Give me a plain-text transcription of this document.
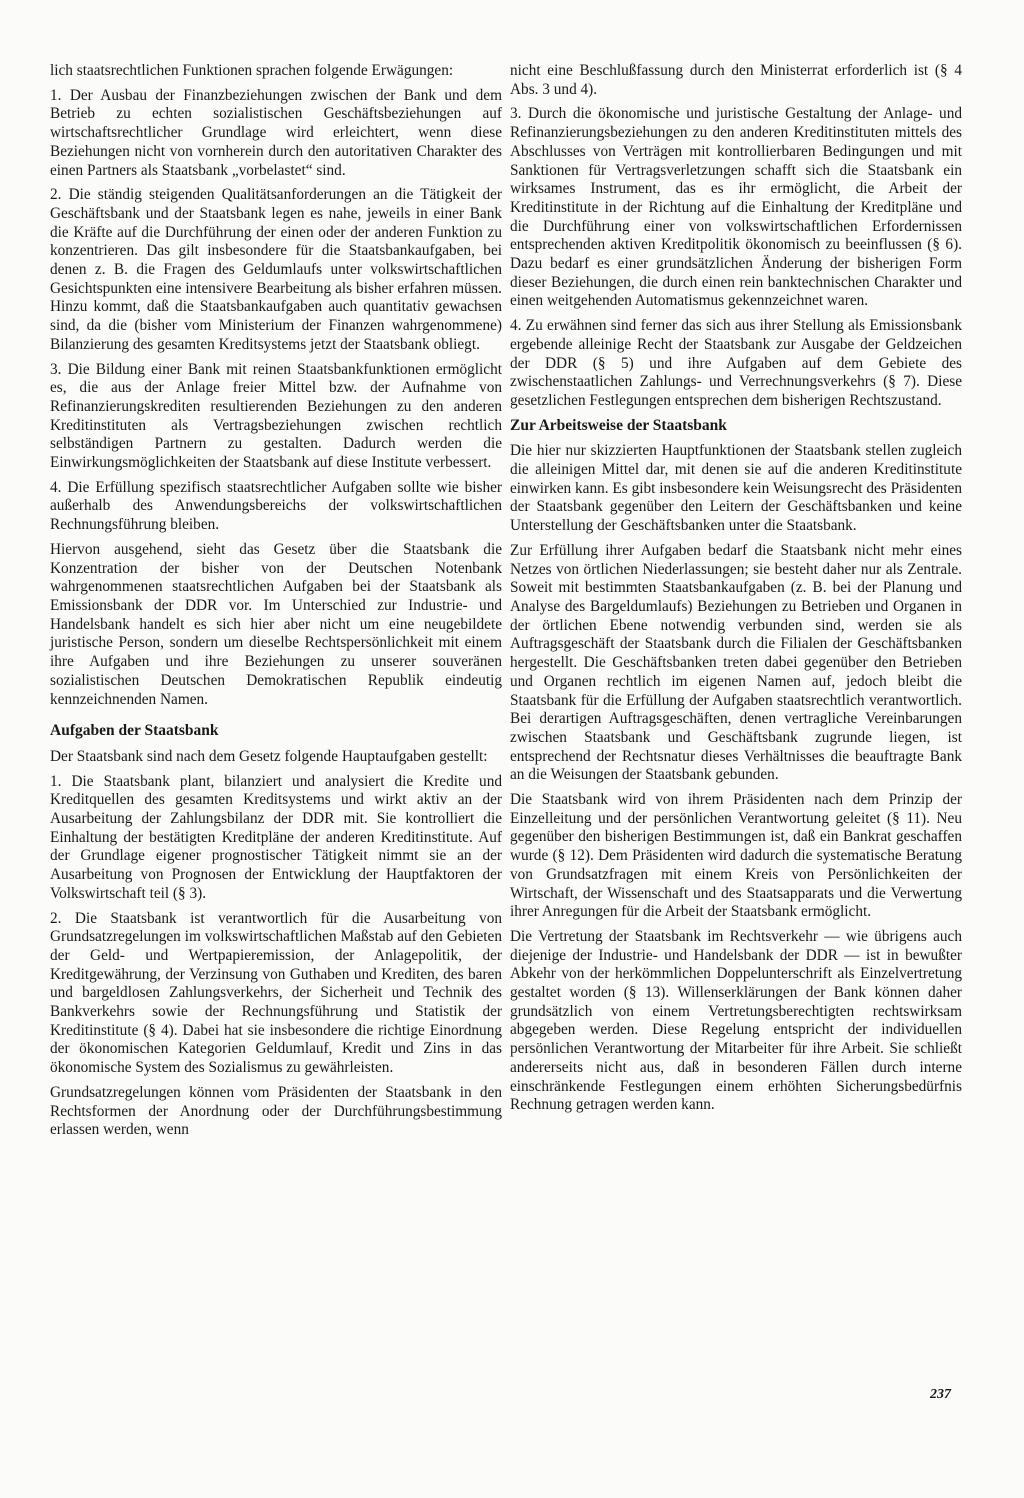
lich staatsrechtlichen Funktionen sprachen folgende Erwägungen:

1. Der Ausbau der Finanzbeziehungen zwischen der Bank und dem Betrieb zu echten sozialistischen Geschäftsbeziehungen auf wirtschaftsrechtlicher Grundlage wird erleichtert, wenn diese Beziehungen nicht von vornherein durch den autoritativen Charakter des einen Partners als Staatsbank „vorbelastet“ sind.

2. Die ständig steigenden Qualitätsanforderungen an die Tätigkeit der Geschäftsbank und der Staatsbank legen es nahe, jeweils in einer Bank die Kräfte auf die Durchführung der einen oder der anderen Funktion zu konzentrieren. Das gilt insbesondere für die Staatsbankaufgaben, bei denen z. B. die Fragen des Geldumlaufs unter volkswirtschaftlichen Gesichtspunkten eine intensivere Bearbeitung als bisher erfahren müssen. Hinzu kommt, daß die Staatsbankaufgaben auch quantitativ gewachsen sind, da die (bisher vom Ministerium der Finanzen wahrgenommene) Bilanzierung des gesamten Kreditsystems jetzt der Staatsbank obliegt.

3. Die Bildung einer Bank mit reinen Staatsbankfunktionen ermöglicht es, die aus der Anlage freier Mittel bzw. der Aufnahme von Refinanzierungskrediten resultierenden Beziehungen zu den anderen Kreditinstituten als Vertragsbeziehungen zwischen rechtlich selbständigen Partnern zu gestalten. Dadurch werden die Einwirkungsmöglichkeiten der Staatsbank auf diese Institute verbessert.

4. Die Erfüllung spezifisch staatsrechtlicher Aufgaben sollte wie bisher außerhalb des Anwendungsbereichs der volkswirtschaftlichen Rechnungsführung bleiben.

Hiervon ausgehend, sieht das Gesetz über die Staatsbank die Konzentration der bisher von der Deutschen Notenbank wahrgenommenen staatsrechtlichen Aufgaben bei der Staatsbank als Emissionsbank der DDR vor. Im Unterschied zur Industrie- und Handelsbank handelt es sich hier aber nicht um eine neugebildete juristische Person, sondern um dieselbe Rechtspersönlichkeit mit einem ihre Aufgaben und ihre Beziehungen zu unserer souveränen sozialistischen Deutschen Demokratischen Republik eindeutig kennzeichnenden Namen.

Aufgaben der Staatsbank

Der Staatsbank sind nach dem Gesetz folgende Hauptaufgaben gestellt:

1. Die Staatsbank plant, bilanziert und analysiert die Kredite und Kreditquellen des gesamten Kreditsystems und wirkt aktiv an der Ausarbeitung der Zahlungsbilanz der DDR mit. Sie kontrolliert die Einhaltung der bestätigten Kreditpläne der anderen Kreditinstitute. Auf der Grundlage eigener prognostischer Tätigkeit nimmt sie an der Ausarbeitung von Prognosen der Entwicklung der Hauptfaktoren der Volkswirtschaft teil (§ 3).

2. Die Staatsbank ist verantwortlich für die Ausarbeitung von Grundsatzregelungen im volkswirtschaftlichen Maßstab auf den Gebieten der Geld- und Wertpapieremission, der Anlagepolitik, der Kreditgewährung, der Verzinsung von Guthaben und Krediten, des baren und bargeldlosen Zahlungsverkehrs, der Sicherheit und Technik des Bankverkehrs sowie der Rechnungsführung und Statistik der Kreditinstitute (§ 4). Dabei hat sie insbesondere die richtige Einordnung der ökonomischen Kategorien Geldumlauf, Kredit und Zins in das ökonomische System des Sozialismus zu gewährleisten.

Grundsatzregelungen können vom Präsidenten der Staatsbank in den Rechtsformen der Anordnung oder der Durchführungsbestimmung erlassen werden, wenn

nicht eine Beschlußfassung durch den Ministerrat erforderlich ist (§ 4 Abs. 3 und 4).

3. Durch die ökonomische und juristische Gestaltung der Anlage- und Refinanzierungsbeziehungen zu den anderen Kreditinstituten mittels des Abschlusses von Verträgen mit kontrollierbaren Bedingungen und mit Sanktionen für Vertragsverletzungen schafft sich die Staatsbank ein wirksames Instrument, das es ihr ermöglicht, die Arbeit der Kreditinstitute in der Richtung auf die Einhaltung der Kreditpläne und die Durchführung einer von volkswirtschaftlichen Erfordernissen entsprechenden aktiven Kreditpolitik ökonomisch zu beeinflussen (§ 6). Dazu bedarf es einer grundsätzlichen Änderung der bisherigen Form dieser Beziehungen, die durch einen rein banktechnischen Charakter und einen weitgehenden Automatismus gekennzeichnet waren.

4. Zu erwähnen sind ferner das sich aus ihrer Stellung als Emissionsbank ergebende alleinige Recht der Staatsbank zur Ausgabe der Geldzeichen der DDR (§ 5) und ihre Aufgaben auf dem Gebiete des zwischenstaatlichen Zahlungs- und Verrechnungsverkehrs (§ 7). Diese gesetzlichen Festlegungen entsprechen dem bisherigen Rechtszustand.

Zur Arbeitsweise der Staatsbank

Die hier nur skizzierten Hauptfunktionen der Staatsbank stellen zugleich die alleinigen Mittel dar, mit denen sie auf die anderen Kreditinstitute einwirken kann. Es gibt insbesondere kein Weisungsrecht des Präsidenten der Staatsbank gegenüber den Leitern der Geschäftsbanken und keine Unterstellung der Geschäftsbanken unter die Staatsbank.

Zur Erfüllung ihrer Aufgaben bedarf die Staatsbank nicht mehr eines Netzes von örtlichen Niederlassungen; sie besteht daher nur als Zentrale. Soweit mit bestimmten Staatsbankaufgaben (z. B. bei der Planung und Analyse des Bargeldumlaufs) Beziehungen zu Betrieben und Organen in der örtlichen Ebene notwendig verbunden sind, werden sie als Auftragsgeschäft der Staatsbank durch die Filialen der Geschäftsbanken hergestellt. Die Geschäftsbanken treten dabei gegenüber den Betrieben und Organen rechtlich im eigenen Namen auf, jedoch bleibt die Staatsbank für die Erfüllung der Aufgaben staatsrechtlich verantwortlich. Bei derartigen Auftragsgeschäften, denen vertragliche Vereinbarungen zwischen Staatsbank und Geschäftsbank zugrunde liegen, ist entsprechend der Rechtsnatur dieses Verhältnisses die beauftragte Bank an die Weisungen der Staatsbank gebunden.

Die Staatsbank wird von ihrem Präsidenten nach dem Prinzip der Einzelleitung und der persönlichen Verantwortung geleitet (§ 11). Neu gegenüber den bisherigen Bestimmungen ist, daß ein Bankrat geschaffen wurde (§ 12). Dem Präsidenten wird dadurch die systematische Beratung von Grundsatzfragen mit einem Kreis von Persönlichkeiten der Wirtschaft, der Wissenschaft und des Staatsapparats und die Verwertung ihrer Anregungen für die Arbeit der Staatsbank ermöglicht.

Die Vertretung der Staatsbank im Rechtsverkehr — wie übrigens auch diejenige der Industrie- und Handelsbank der DDR — ist in bewußter Abkehr von der herkömmlichen Doppelunterschrift als Einzelvertretung gestaltet worden (§ 13). Willenserklärungen der Bank können daher grundsätzlich von einem Vertretungsberechtigten rechtswirksam abgegeben werden. Diese Regelung entspricht der individuellen persönlichen Verantwortung der Mitarbeiter für ihre Arbeit. Sie schließt andererseits nicht aus, daß in besonderen Fällen durch interne einschränkende Festlegungen einem erhöhten Sicherungsbedürfnis Rechnung getragen werden kann.

237
